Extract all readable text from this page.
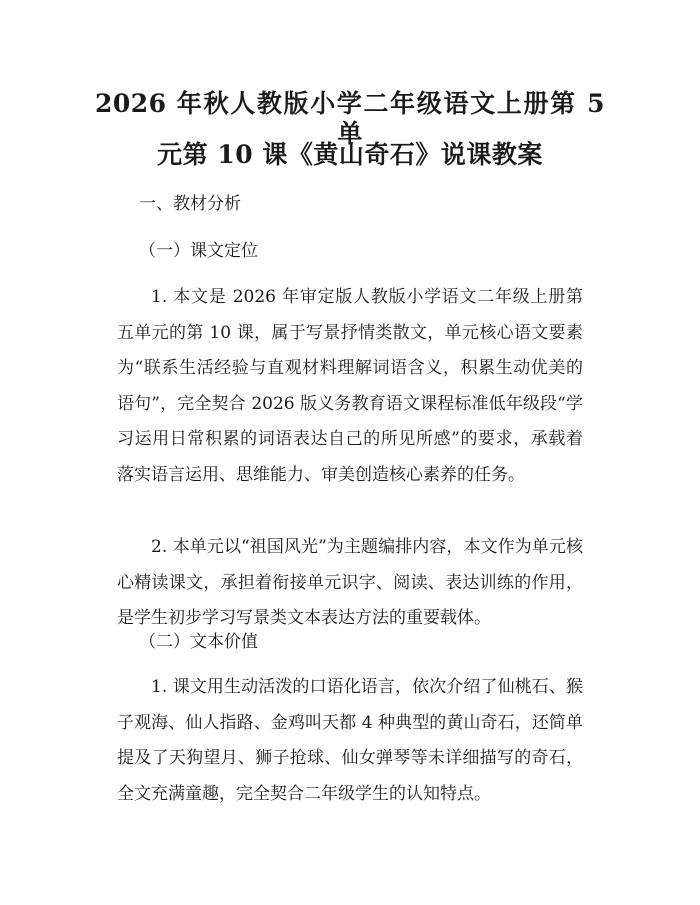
2026 年秋人教版小学二年级语文上册第 5 单
元第 10 课《黄山奇石》说课教案
一、教材分析
（一）课文定位

1. 本文是 2026 年审定版人教版小学语文二年级上册第五单元的第 10 课，属于写景抒情类散文，单元核心语文要素为“联系生活经验与直观材料理解词语含义，积累生动优美的语句”，完全契合 2026 版义务教育语文课程标准低年级段“学习运用日常积累的词语表达自己的所见所感”的要求，承载着落实语言运用、思维能力、审美创造核心素养的任务。

2. 本单元以“祖国风光”为主题编排内容，本文作为单元核心精读课文，承担着衔接单元识字、阅读、表达训练的作用，是学生初步学习写景类文本表达方法的重要载体。

（二）文本价值

1. 课文用生动活泼的口语化语言，依次介绍了仙桃石、猴子观海、仙人指路、金鸡叫天都 4 种典型的黄山奇石，还简单提及了天狗望月、狮子抢球、仙女弹琴等未详细描写的奇石，全文充满童趣，完全契合二年级学生的认知特点。
